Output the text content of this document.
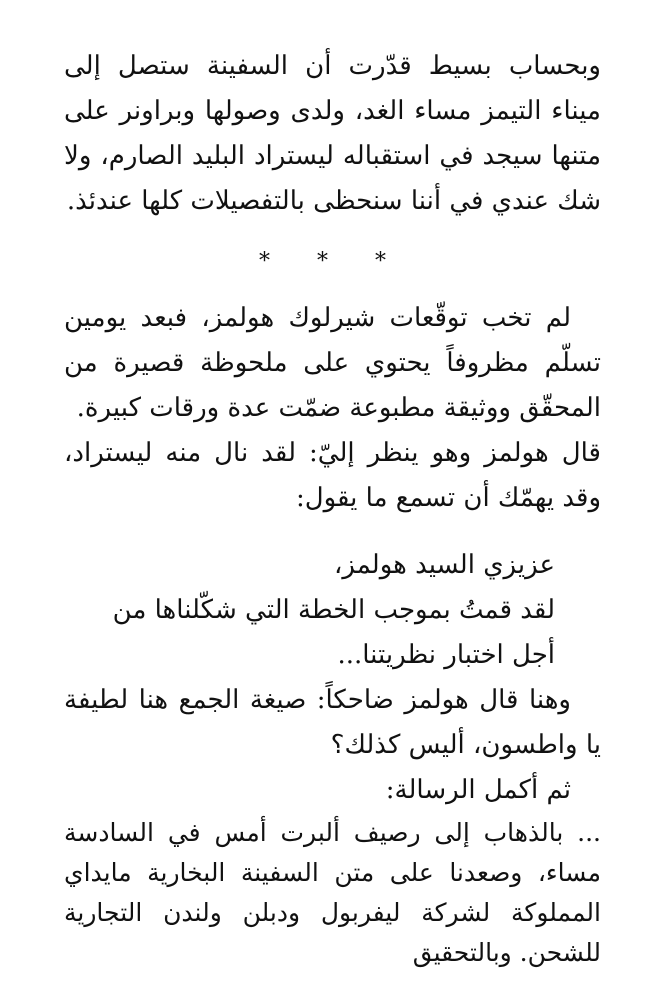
وبحساب بسيط قدّرت أن السفينة ستصل إلى ميناء التيمز مساء الغد، ولدى وصولها وبراونر على متنها سيجد في استقباله ليستراد البليد الصارم، ولا شك عندي في أننا سنحظى بالتفصيلات كلها عندئذ.

* * *

لم تخب توقّعات شيرلوك هولمز، فبعد يومين تسلّم مظروفاً يحتوي على ملحوظة قصيرة من المحقّق ووثيقة مطبوعة ضمّت عدة ورقات كبيرة.

قال هولمز وهو ينظر إليّ: لقد نال منه ليستراد، وقد يهمّك أن تسمع ما يقول:

عزيزي السيد هولمز،
لقد قمتُ بموجب الخطة التي شكّلناها من
أجل اختبار نظريتنا...

وهنا قال هولمز ضاحكاً: صيغة الجمع هنا لطيفة يا واطسون، أليس كذلك؟

ثم أكمل الرسالة:

... بالذهاب إلى رصيف ألبرت أمس في السادسة مساء، وصعدنا على متن السفينة البخارية مايداي المملوكة لشركة ليفربول ودبلن ولندن التجارية للشحن. وبالتحقيق
